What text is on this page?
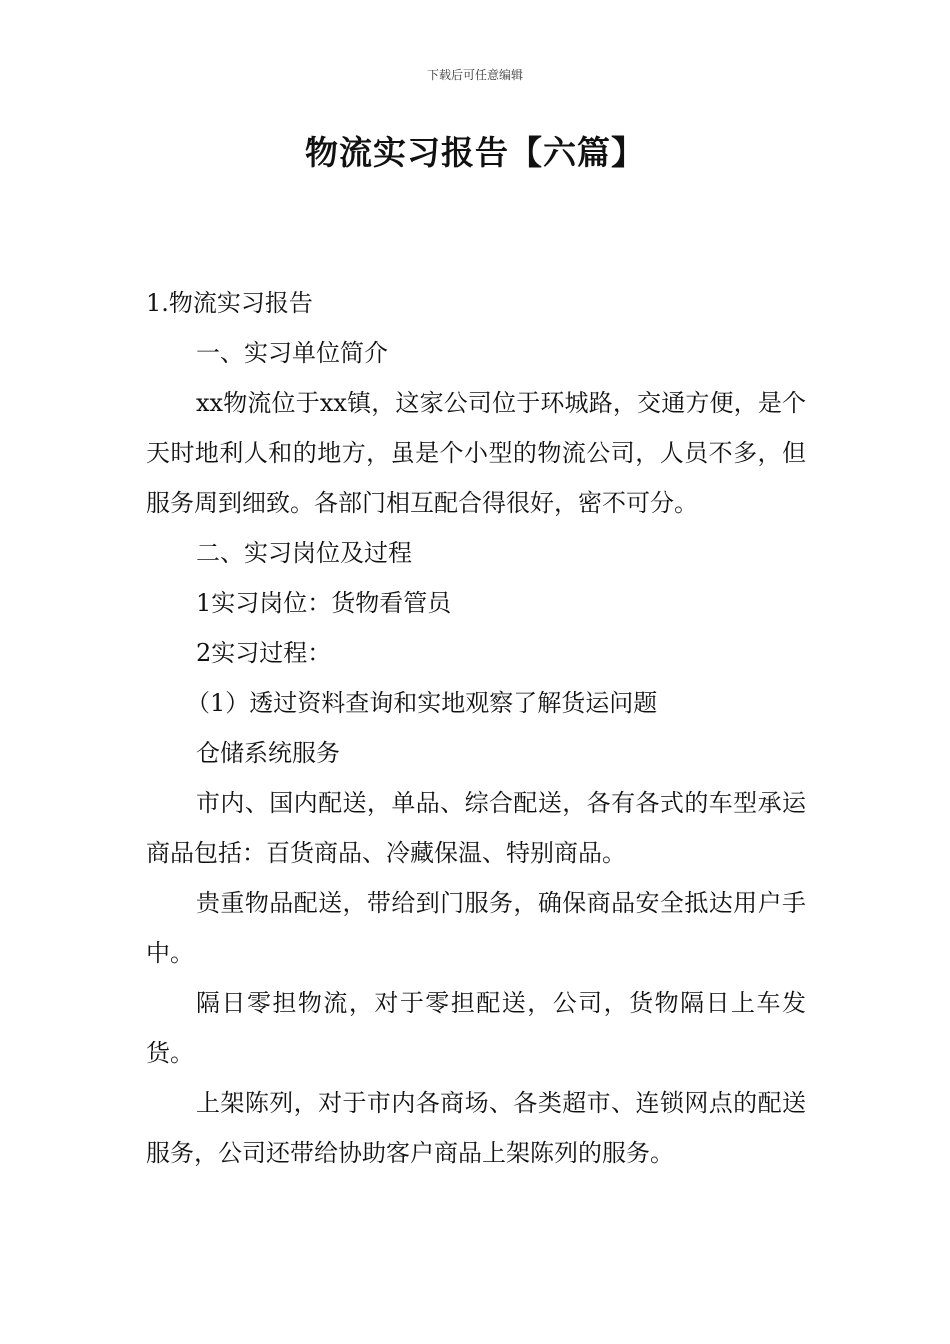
下载后可任意编辑
物流实习报告【六篇】

1.物流实习报告

一、实习单位简介

xx物流位于xx镇，这家公司位于环城路，交通方便，是个天时地利人和的地方，虽是个小型的物流公司，人员不多，但服务周到细致。各部门相互配合得很好，密不可分。

二、实习岗位及过程

1实习岗位：货物看管员

2实习过程：

（1）透过资料查询和实地观察了解货运问题

仓储系统服务

市内、国内配送，单品、综合配送，各有各式的车型承运商品包括：百货商品、冷藏保温、特别商品。

贵重物品配送，带给到门服务，确保商品安全抵达用户手中。

隔日零担物流，对于零担配送，公司，货物隔日上车发货。

上架陈列，对于市内各商场、各类超市、连锁网点的配送服务，公司还带给协助客户商品上架陈列的服务。
